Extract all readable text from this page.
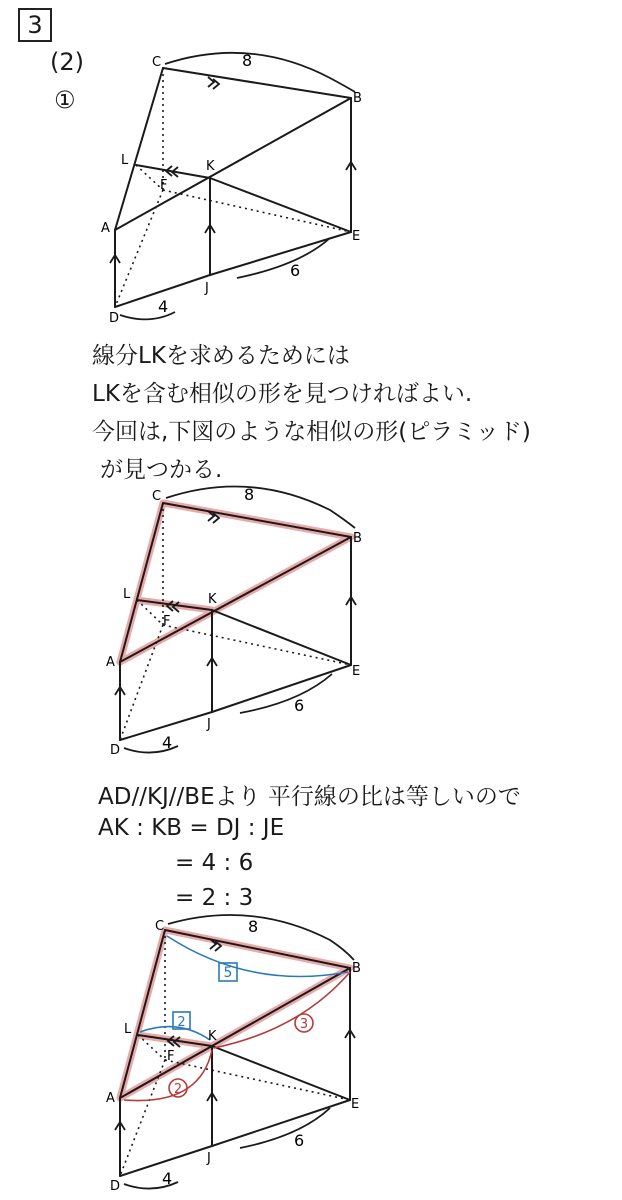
3
(2)
①
C
B
A
D
E
F
J
K
L
8
6
4
線分LKを求めるためには
LKを含む相似の形を見つければよい.
今回は,下図のような相似の形(ピラミッド)
が見つかる.
C
B
A
D
E
F
J
K
L
8
6
4
AD//KJ//BEより 平行線の比は等しいので
AK : KB = DJ : JE
= 4 : 6
= 2 : 3
5
2	3
2
C
B
A
D
E
F
J
K
L
8
6
4
